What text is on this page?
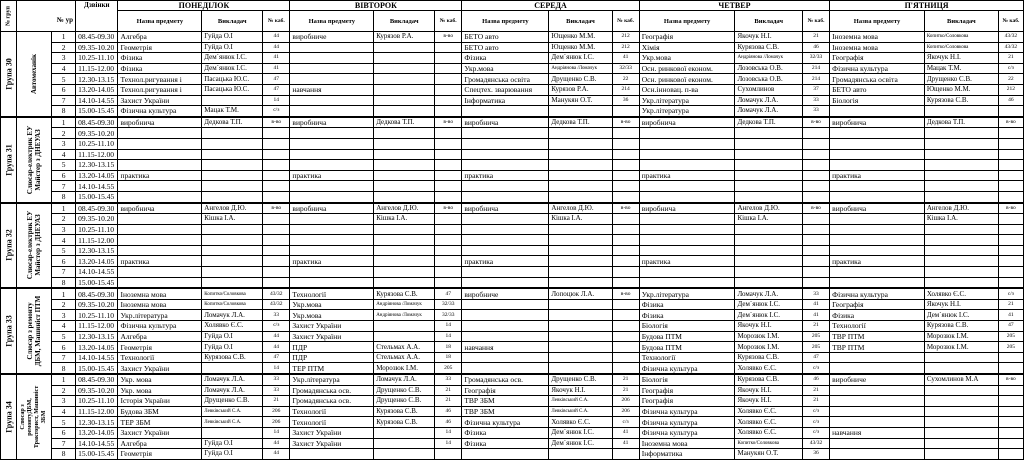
№ груп	№ ур		Дзвінки	ПОНЕДІЛОК			ВІВТОРОК			СЕРЕДА			ЧЕТВЕР			П'ЯТНИЦЯ		
				Назва предмету	Викладач	№ каб.	Назва предмету	Викладач	№ каб.	Назва предмету	Викладач	№ каб.	Назва предмету	Викладач	№ каб.	Назва предмету	Викладач	№ каб.

Група 30	Автомеханік	1	08.45-09.30	Алгебра	Гуйда О.І	44	виробниче	Курязов Р.А.	в-во	БЕТО авто	Ющенко М.М.	212	Географія	Якочук Н.І.	21	Іноземна мова	Копитко/Соловкова	43/32
		2	09.35-10.20	Геометрія	Гуйда О.І	44				БЕТО авто	Ющенко М.М.	212	Хімія	Курязова С.В.	46	Іноземна мова	Копитко/Соловкова	43/32
		3	10.25-11.10	Фізика	Дем`янюк І.С.	41				Фізика	Дем`янюк І.С.	41	Укр.мова	Андріянова /Ломачук	32/33	Географія	Якочук Н.І.	21
		4	11.15-12.00	Фізика	Дем`янюк І.С.	41				Укр.мова	Андріянова /Ломачук	32/33	Осн. ринкової економ.	Лозовська О.В.	214	Фізична культура	Мацак Т.М.	с/з
		5	12.30-13.15	Технол.ригування і	Пасацька Ю.С.	47				Громадянська освіта	Друщенко С.В.	22	Осн. ринкової економ.	Лозовська О.В.	214	Громадянська освіта	Друщенко С.В.	22
		6	13.20-14.05	Технол.ригування і	Пасацька Ю.С.	47	навчання			Спецтех. зварювання	Курязов Р.А.	214	Осн.інновац. п-ва	Сухомлинов	37	БЕТО авто	Ющенко М.М.	212
		7	14.10-14.55	Захист України		14				Інформатика	Манукян О.Т.	36	Укр.література	Ломачук Л.А.	33	Біологія	Курязова С.В.	46
		8	15.00-15.45	Фізична культура	Мацак Т.М.	с/з							Укр.література	Ломачук Л.А.	33			

Група 31	Слюсар-електрик ЕУ
Майстер з ДНЕУАЗ	1	08.45-09.30	виробнича	Дедкова Т.П.	в-во	виробнича	Дедкова Т.П.	в-во	виробнича	Дедкова Т.П.	в-во	виробнича	Дедкова Т.П.	в-во	виробнича	Дедкова Т.П.	в-во
		2	09.35-10.20															
		3	10.25-11.10															
		4	11.15-12.00															
		5	12.30-13.15															
		6	13.20-14.05	практика			практика			практика			практика			практика		
		7	14.10-14.55															
		8	15.00-15.45															

Група 32	Слюсар-електрик ЕУ
Майстер з ДНЕУАЗ	1	08.45-09.30	виробнича	Ангелов Д.Ю.	в-во	виробнича	Ангелов Д.Ю.	в-во	виробнича	Ангелов Д.Ю.	в-во	виробнича	Ангелов Д.Ю.	в-во	виробнича	Ангелов Д.Ю.	в-во
		2	09.35-10.20		Кішка І.А.			Кішка І.А.			Кішка І.А.			Кішка І.А.			Кішка І.А.	
		3	10.25-11.10															
		4	11.15-12.00															
		5	12.30-13.15															
		6	13.20-14.05	практика			практика			практика			практика			практика		
		7	14.10-14.55															
		8	15.00-15.45															

Група 33	Слюсар з ремонту
ДБМ, Машиніст ПТМ	1	08.45-09.30	Іноземна мова	Копитко/Соловкова	43/32	Технології	Курязова С.В.	47	виробниче	Лопоцюк Л.А.	в-во	Укр.література	Ломачук Л.А.	33	Фізична культура	Холявко Є.С.	с/з
		2	09.35-10.20	Іноземна мова	Копитко/Соловкова	43/32	Укр.мова	Андріянова /Ломачук	32/33				Фізика	Дем`янюк І.С.	41	Географія	Якочук Н.І.	21
		3	10.25-11.10	Укр.література	Ломачук Л.А.	33	Укр.мова	Андріянова /Ломачук	32/33				Фізика	Дем`янюк І.С.	41	Фізика	Дем`янюк І.С.	41
		4	11.15-12.00	Фізична культура	Холявко Є.С.	с/з	Захист України		14				Біологія	Якочук Н.І.	21	Технології	Курязова С.В.	47
		5	12.30-13.15	Алгебра	Гуйда О.І	44	Захист України		14				Будова ПТМ	Морозюк І.М.	205	ТВР ПТМ	Морозюк І.М.	205
		6	13.20-14.05	Геометрія	Гуйда О.І	44	ПДР	Стельмах А.А.	18	навчання			Будова ПТМ	Морозюк І.М.	205	ТВР ПТМ	Морозюк І.М.	205
		7	14.10-14.55	Технології	Курязова С.В.	47	ПДР	Стельмах А.А.	18				Технології	Курязова С.В.	47			
		8	15.00-15.45	Захист України		14	ТЕР ПТМ	Морозюк І.М.	205				Фізична культура	Холявко Є.С.	с/з			

Група 34	Слюсар з
ремонтуДБМ,
Тракторист, Машиніст
ЗБМ	1	08.45-09.30	Укр. мова	Ломачук Л.А.	33	Укр.література	Ломачук Л.А.	33	Громадянська осв.	Друщенко С.В.	21	Біологія	Курязова С.В.	46	виробниче	Сухомлинов М.А	в-во
		2	09.35-10.20	Укр. мова	Ломачук Л.А.	33	Громадянська осв.	Друщенко С.В.	21	Географія	Якочук Н.І.	21	Географія	Якочук Н.І.	21			
		3	10.25-11.10	Історія України	Друщенко С.В.	21	Громадянська осв.	Друщенко С.В.	21	ТВР ЗБМ	Левківський С.А.	206	Географія	Якочук Н.І.	21			
		4	11.15-12.00	Будова ЗБМ	Левківський С.А.	206	Технології	Курязова С.В.	46	ТВР ЗБМ	Левківський С.А.	206	Фізична культура	Холявко Є.С.	с/з			
		5	12.30-13.15	ТЕР ЗБМ	Левківський С.А.	206	Технології	Курязова С.В.	46	Фізична культура	Холявко Є.С.	с/з	Фізична культура	Холявко Є.С.	с/з			
		6	13.20-14.05	Захист України		14	Захист України		14	Фізика	Дем`янюк І.С.	41	Фізична культура	Холявко Є.С.	с/з	навчання		
		7	14.10-14.55	Алгебра	Гуйда О.І	44	Захист України		14	Фізика	Дем`янюк І.С.	41	Іноземна мова	Копитко/Соловкова	43/32			
		8	15.00-15.45	Геометрія	Гуйда О.І	44							Інформатика	Манукян О.Т.	36			
